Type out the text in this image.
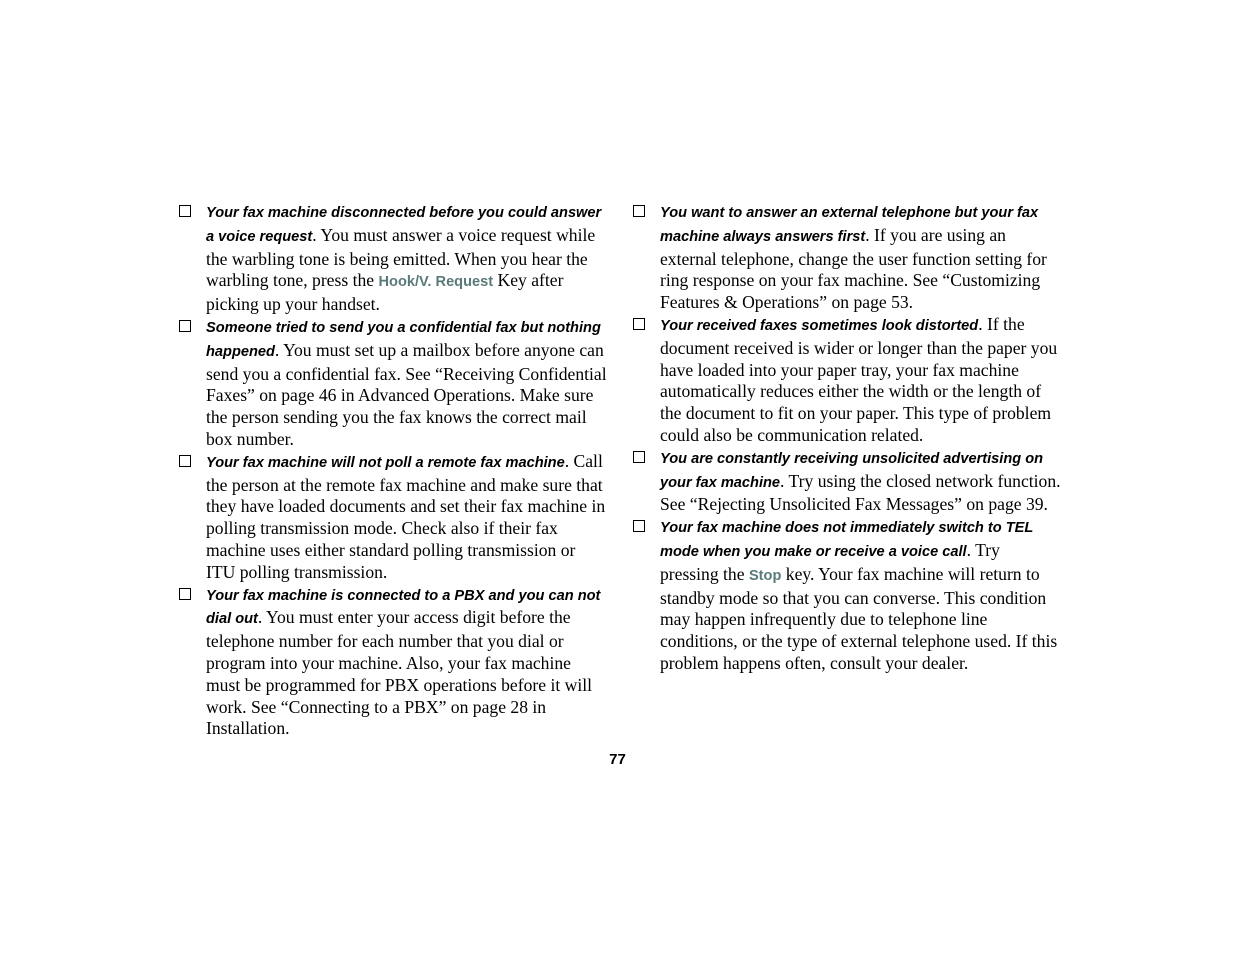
Your fax machine disconnected before you could answer a voice request. You must answer a voice request while the warbling tone is being emitted. When you hear the warbling tone, press the Hook/V. Request Key after picking up your handset.
Someone tried to send you a confidential fax but nothing happened. You must set up a mailbox before anyone can send you a confidential fax. See “Receiving Confidential Faxes” on page 46 in Advanced Operations. Make sure the person sending you the fax knows the correct mail box number.
Your fax machine will not poll a remote fax machine. Call the person at the remote fax machine and make sure that they have loaded documents and set their fax machine in polling transmission mode. Check also if their fax machine uses either standard polling transmission or ITU polling transmission.
Your fax machine is connected to a PBX and you can not dial out. You must enter your access digit before the telephone number for each number that you dial or program into your machine. Also, your fax machine must be programmed for PBX operations before it will work. See “Connecting to a PBX” on page 28 in Installation.
You want to answer an external telephone but your fax machine always answers first. If you are using an external telephone, change the user function setting for ring response on your fax machine. See “Customizing Features & Operations” on page 53.
Your received faxes sometimes look distorted. If the document received is wider or longer than the paper you have loaded into your paper tray, your fax machine automatically reduces either the width or the length of the document to fit on your paper. This type of problem could also be communication related.
You are constantly receiving unsolicited advertising on your fax machine. Try using the closed network function. See “Rejecting Unsolicited Fax Messages” on page 39.
Your fax machine does not immediately switch to TEL mode when you make or receive a voice call. Try pressing the Stop key. Your fax machine will return to standby mode so that you can converse. This condition may happen infrequently due to telephone line conditions, or the type of external telephone used. If this problem happens often, consult your dealer.
77
